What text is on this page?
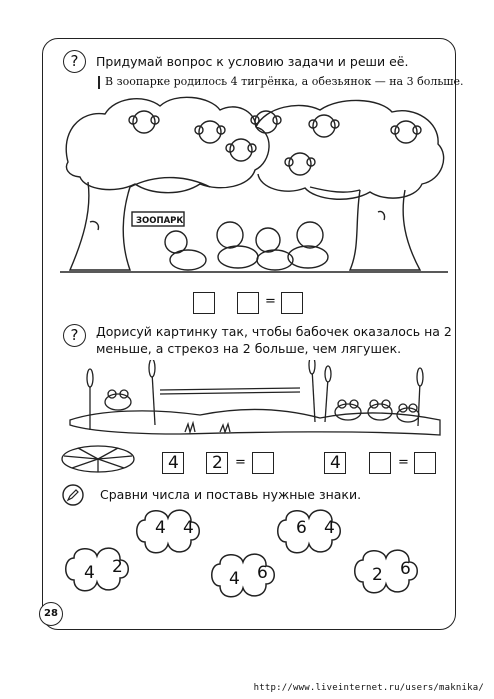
?	Придумай вопрос к условию задачи и реши её.
В зоопарке родилось 4 тигрёнка, а обезьянок — на 3 больше.
ЗООПАРК
=
?	Дорисуй картинку так, чтобы бабочек оказалось на 2
меньше, а стрекоз на 2 больше, чем лягушек.
4 2 =	4	=
Сравни числа и поставь нужные знаки.
4 4	6 4
4 2
4 6	2 6
28
http://www.liveinternet.ru/users/maknika/
